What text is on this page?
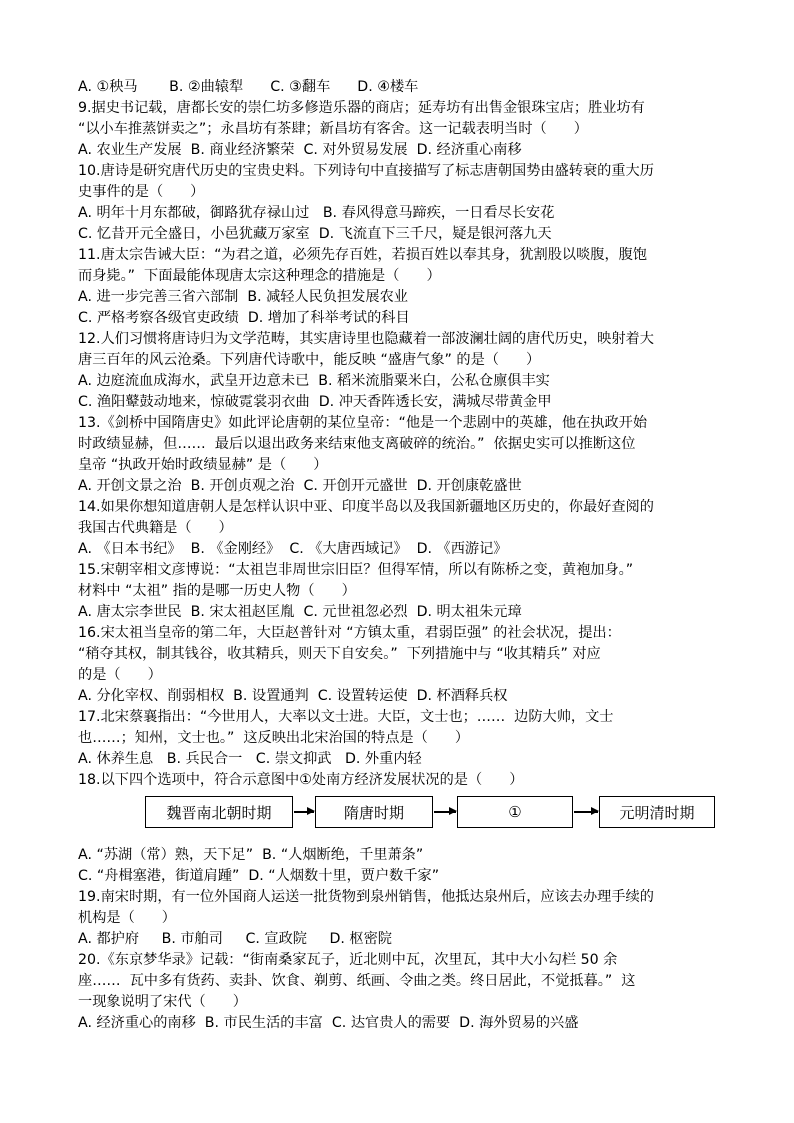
A. ①秧马       B. ②曲辕犁      C. ③翻车      D. ④楼车
9.据史书记载，唐都长安的崇仁坊多修造乐器的商店；延寿坊有出售金银珠宝店；胜业坊有
“以小车推蒸饼卖之”；永昌坊有茶肆；新昌坊有客舍。这一记载表明当时（      ）
A. 农业生产发展  B. 商业经济繁荣  C. 对外贸易发展  D. 经济重心南移
10.唐诗是研究唐代历史的宝贵史料。下列诗句中直接描写了标志唐朝国势由盛转衰的重大历
史事件的是（      ）
A. 明年十月东都破，御路犹存禄山过   B. 春风得意马蹄疾，一日看尽长安花
C. 忆昔开元全盛日，小邑犹藏万家室  D. 飞流直下三千尺，疑是银河落九天
11.唐太宗告诫大臣：“为君之道，必须先存百姓，若损百姓以奉其身，犹割股以啖腹，腹饱
而身毙。”  下面最能体现唐太宗这种理念的措施是（      ）
A. 进一步完善三省六部制  B. 减轻人民负担发展农业
C. 严格考察各级官吏政绩  D. 增加了科举考试的科目
12.人们习惯将唐诗归为文学范畴，其实唐诗里也隐藏着一部波澜壮阔的唐代历史，映射着大
唐三百年的风云沧桑。下列唐代诗歌中，能反映 “盛唐气象” 的是（      ）
A. 边庭流血成海水，武皇开边意未已  B. 稻米流脂粟米白，公私仓廪俱丰实
C. 渔阳鼙鼓动地来，惊破霓裳羽衣曲  D. 冲天香阵透长安，满城尽带黄金甲
13.《剑桥中国隋唐史》如此评论唐朝的某位皇帝：“他是一个悲剧中的英雄，他在执政开始
时政绩显赫，但……  最后以退出政务来结束他支离破碎的统治。”  依据史实可以推断这位
皇帝 “执政开始时政绩显赫” 是（      ）
A. 开创文景之治  B. 开创贞观之治  C. 开创开元盛世  D. 开创康乾盛世
14.如果你想知道唐朝人是怎样认识中亚、印度半岛以及我国新疆地区历史的，你最好查阅的
我国古代典籍是（      ）
A. 《日本书纪》  B. 《金刚经》  C. 《大唐西域记》  D. 《西游记》
15.宋朝宰相文彦博说：“太祖岂非周世宗旧臣？但得军情，所以有陈桥之变，黄袍加身。”
材料中 “太祖” 指的是哪一历史人物（      ）
A. 唐太宗李世民  B. 宋太祖赵匡胤  C. 元世祖忽必烈  D. 明太祖朱元璋
16.宋太祖当皇帝的第二年，大臣赵普针对 “方镇太重，君弱臣强” 的社会状况，提出：
“稍夺其权，制其钱谷，收其精兵，则天下自安矣。”  下列措施中与 “收其精兵” 对应
的是（      ）
A. 分化宰权、削弱相权  B. 设置通判  C. 设置转运使  D. 杯酒释兵权
17.北宋蔡襄指出：“今世用人，大率以文士进。大臣，文士也；……  边防大帅，文士
也……；知州，文士也。”  这反映出北宋治国的特点是（      ）
A. 休养生息   B. 兵民合一   C. 崇文抑武   D. 外重内轻
18.以下四个选项中，符合示意图中①处南方经济发展状况的是（      ）
魏晋南北朝时期	隋唐时期	①	元明清时期
A. “苏湖（常）熟，天下足”  B. “人烟断绝，千里萧条”
C. “舟楫塞港，街道肩踵”  D. “人烟数十里，贾户数千家”
19.南宋时期，有一位外国商人运送一批货物到泉州销售，他抵达泉州后，应该去办理手续的
机构是（      ）
A. 都护府     B. 市舶司     C. 宣政院     D. 枢密院
20.《东京梦华录》记载：“街南桑家瓦子，近北则中瓦，次里瓦，其中大小勾栏 50 余
座……  瓦中多有货药、卖卦、饮食、剃剪、纸画、令曲之类。终日居此，不觉抵暮。”  这
一现象说明了宋代（      ）
A. 经济重心的南移  B. 市民生活的丰富  C. 达官贵人的需要  D. 海外贸易的兴盛
